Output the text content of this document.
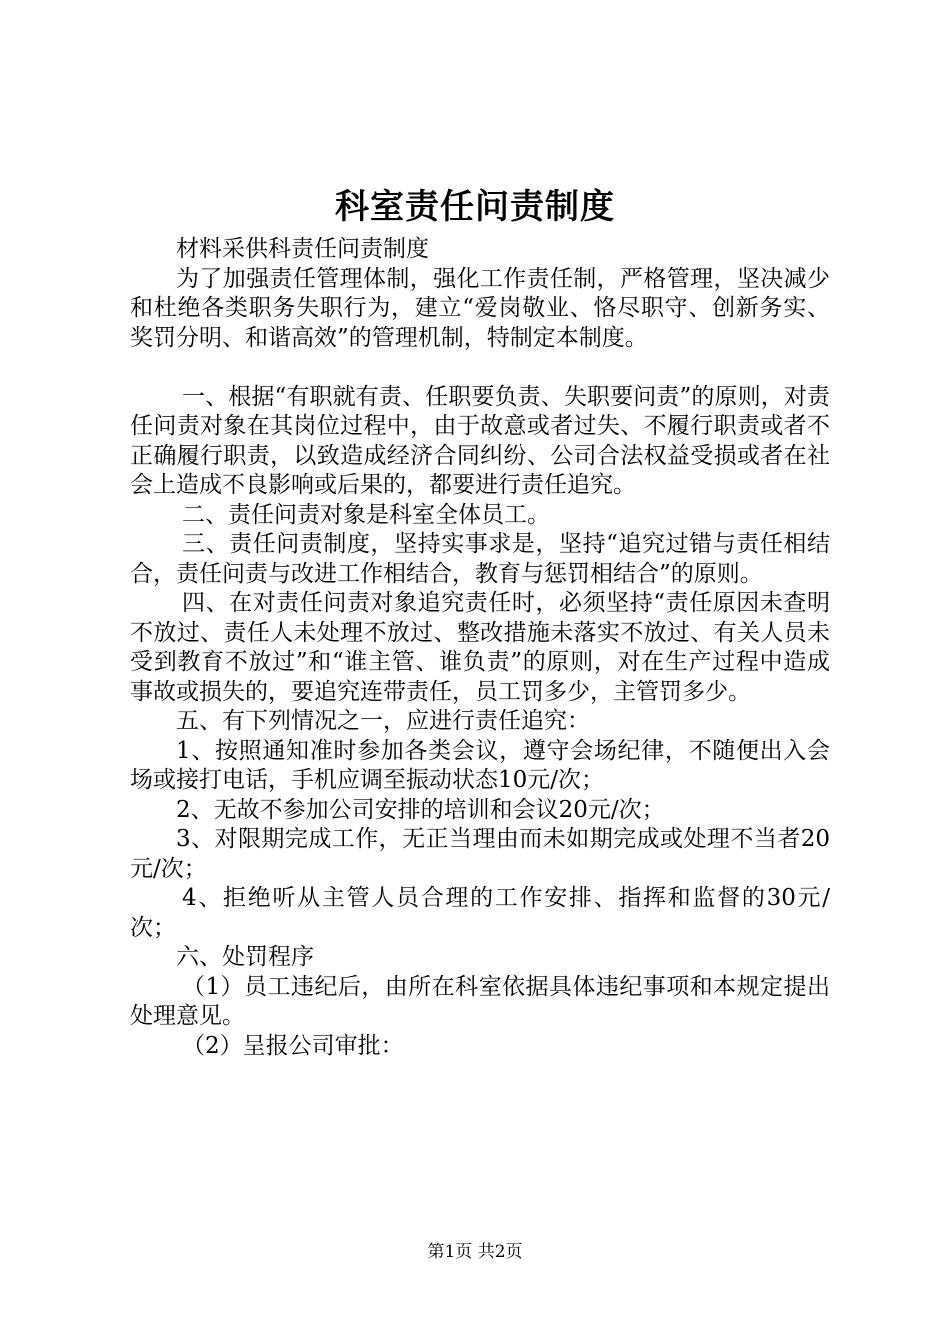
科室责任问责制度

材料采供科责任问责制度

为了加强责任管理体制，强化工作责任制，严格管理，坚决减少和杜绝各类职务失职行为，建立“爱岗敬业、恪尽职守、创新务实、奖罚分明、和谐高效”的管理机制，特制定本制度。

一、根据“有职就有责、任职要负责、失职要问责”的原则，对责任问责对象在其岗位过程中，由于故意或者过失、不履行职责或者不正确履行职责，以致造成经济合同纠纷、公司合法权益受损或者在社会上造成不良影响或后果的，都要进行责任追究。

二、责任问责对象是科室全体员工。

三、责任问责制度，坚持实事求是，坚持“追究过错与责任相结合，责任问责与改进工作相结合，教育与惩罚相结合”的原则。

四、在对责任问责对象追究责任时，必须坚持“责任原因未查明不放过、责任人未处理不放过、整改措施未落实不放过、有关人员未受到教育不放过”和“谁主管、谁负责”的原则，对在生产过程中造成事故或损失的，要追究连带责任，员工罚多少，主管罚多少。

五、有下列情况之一，应进行责任追究：

1、按照通知准时参加各类会议，遵守会场纪律，不随便出入会场或接打电话，手机应调至振动状态10元/次；

2、无故不参加公司安排的培训和会议20元/次；

3、对限期完成工作，无正当理由而未如期完成或处理不当者20元/次；

4、拒绝听从主管人员合理的工作安排、指挥和监督的30元/次；

六、处罚程序

（1）员工违纪后，由所在科室依据具体违纪事项和本规定提出处理意见。

（2）呈报公司审批：

第1页 共2页
